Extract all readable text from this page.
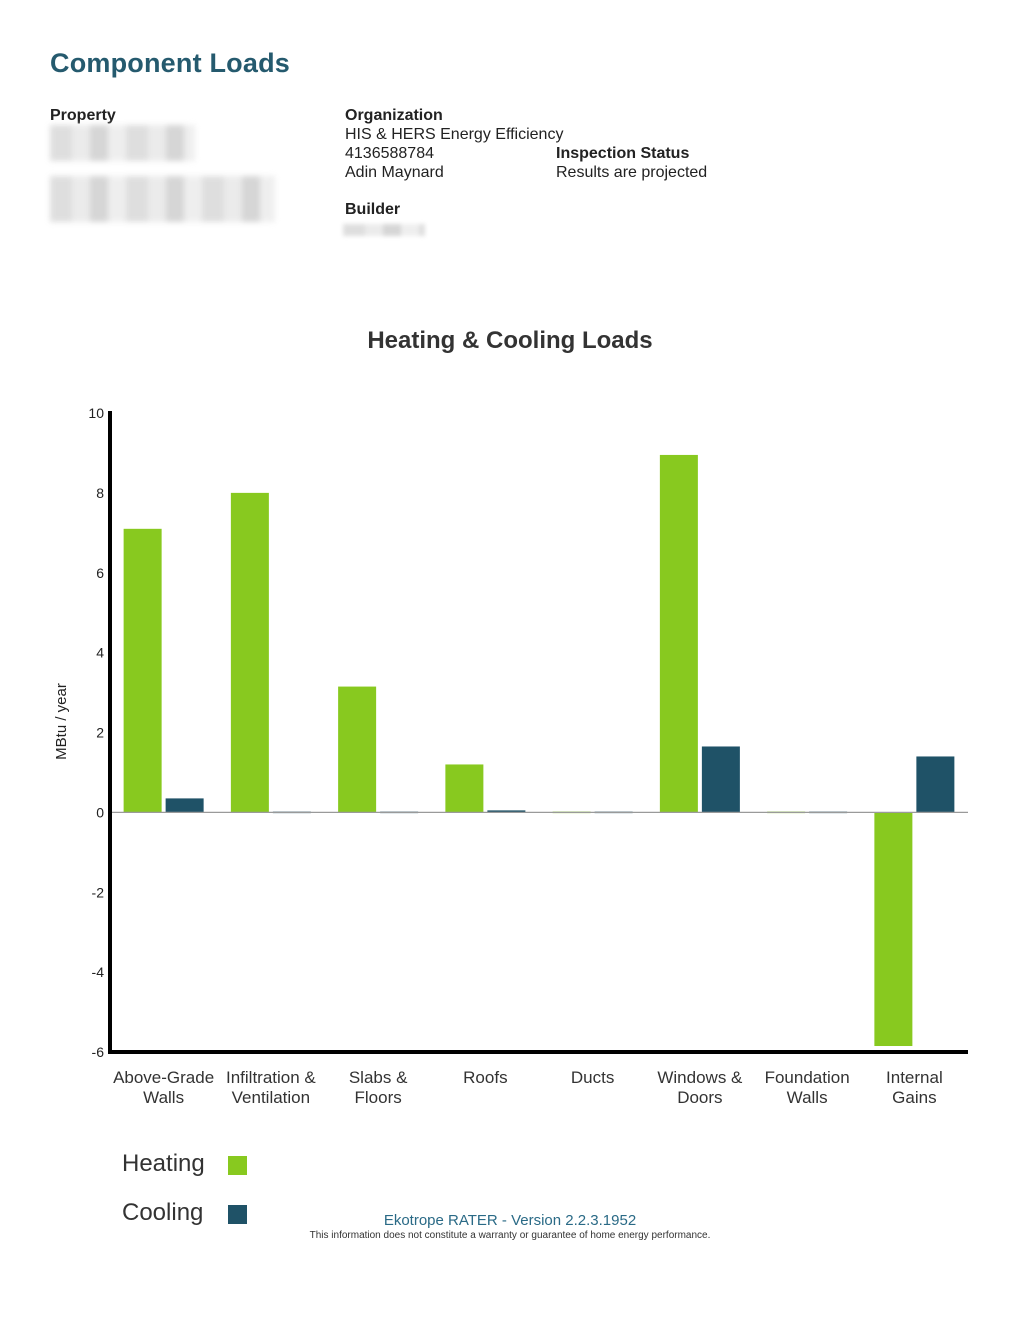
Component Loads
Property	Organization
HIS & HERS Energy Efficiency
4136588784
Adin Maynard
Inspection Status
Results are projected
Builder
Heating & Cooling Loads
10
8
6
4
2
0
-2
-4
-6
MBtu / year
Above-Grade
Walls
Infiltration &
Ventilation
Slabs &
Floors
Roofs	Ducts	Windows &
Doors
Foundation
Walls
Internal
Gains
Heating
Cooling	Ekotrope RATER - Version 2.2.3.1952
This information does not constitute a warranty or guarantee of home energy performance.
